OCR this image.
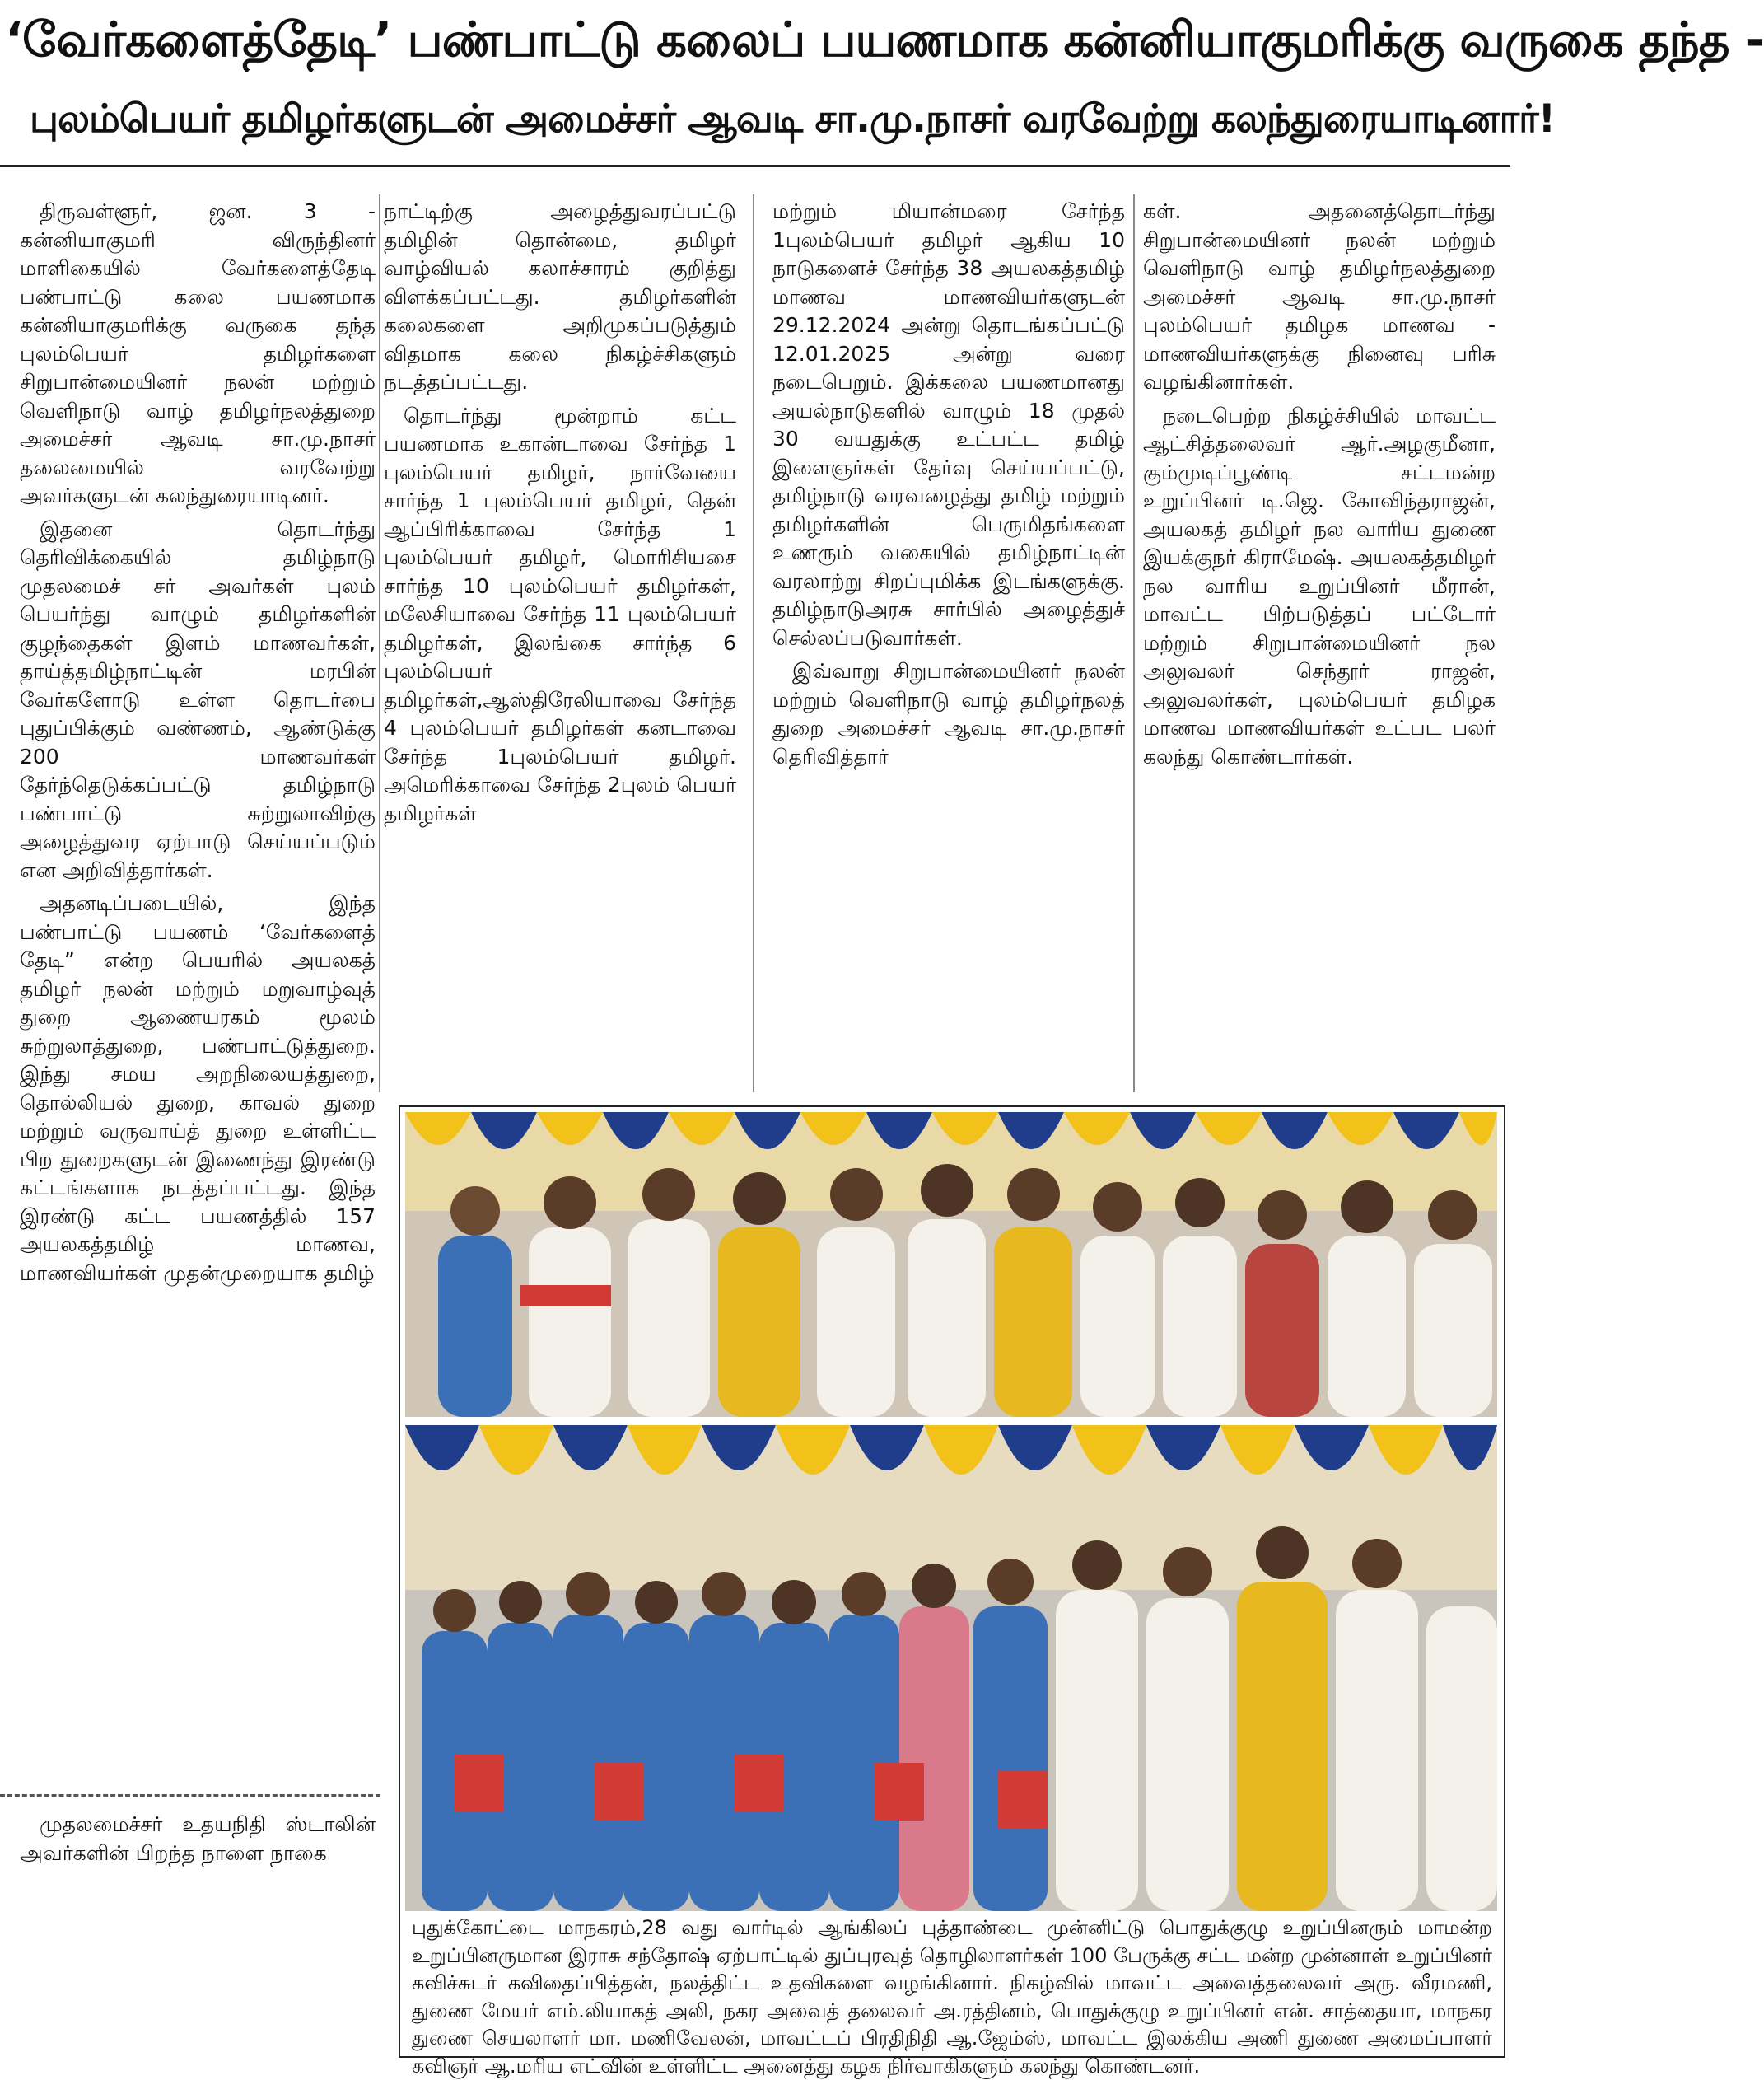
‘வேர்களைத்தேடி’ பண்பாட்டு கலைப் பயணமாக கன்னியாகுமரிக்கு வருகை தந்த -
புலம்பெயர் தமிழர்களுடன் அமைச்சர் ஆவடி சா.மு.நாசர் வரவேற்று கலந்துரையாடினார்!

திருவள்ளூர், ஜன. 3 - கன்னியாகுமரி விருந்தினர் மாளிகையில் வேர்களைத்தேடி பண்பாட்டு கலை பயணமாக கன்னியாகுமரிக்கு வருகை தந்த புலம்பெயர் தமிழர்களை சிறுபான்மையினர் நலன் மற்றும் வெளிநாடு வாழ் தமிழர்நலத்துறை அமைச்சர் ஆவடி சா.மு.நாசர் தலைமையில் வரவேற்று அவர்களுடன் கலந்துரையாடினர்.

இதனை தொடர்ந்து தெரிவிக்கையில் தமிழ்நாடு முதலமைச் சர் அவர்கள் புலம் பெயர்ந்து வாழும் தமிழர்களின் குழந்தைகள் இளம் மாணவர்கள், தாய்த்தமிழ்நாட்டின் மரபின் வேர்களோடு உள்ள தொடர்பை புதுப்பிக்கும் வண்ணம், ஆண்டுக்கு 200 மாணவர்கள் தேர்ந்தெடுக்கப்பட்டு தமிழ்நாடு பண்பாட்டு சுற்றுலாவிற்கு அழைத்துவர ஏற்பாடு செய்யப்படும் என அறிவித்தார்கள்.

அதனடிப்படையில், இந்த பண்பாட்டு பயணம் ‘வேர்களைத் தேடி” என்ற பெயரில் அயலகத் தமிழர் நலன் மற்றும் மறுவாழ்வுத் துறை ஆணையரகம் மூலம் சுற்றுலாத்துறை, பண்பாட்டுத்துறை. இந்து சமய அறநிலையத்துறை, தொல்லியல் துறை, காவல் துறை மற்றும் வருவாய்த் துறை உள்ளிட்ட பிற துறைகளுடன் இணைந்து இரண்டு கட்டங்களாக நடத்தப்பட்டது. இந்த இரண்டு கட்ட பயணத்தில் 157 அயலகத்தமிழ் மாணவ, மாணவியர்கள் முதன்முறையாக தமிழ்

நாட்டிற்கு அழைத்துவரப்பட்டு தமிழின் தொன்மை, தமிழர் வாழ்வியல் கலாச்சாரம் குறித்து விளக்கப்பட்டது. தமிழர்களின் கலைகளை அறிமுகப்படுத்தும் விதமாக கலை நிகழ்ச்சிகளும் நடத்தப்பட்டது.

தொடர்ந்து மூன்றாம் கட்ட பயணமாக உகான்டாவை சேர்ந்த 1 புலம்பெயர் தமிழர், நார்வேயை சார்ந்த 1 புலம்பெயர் தமிழர், தென் ஆப்பிரிக்காவை சேர்ந்த 1 புலம்பெயர் தமிழர், மொரிசியசை சார்ந்த 10 புலம்பெயர் தமிழர்கள், மலேசியாவை சேர்ந்த 11 புலம்பெயர் தமிழர்கள், இலங்கை சார்ந்த 6 புலம்பெயர் தமிழர்கள்,ஆஸ்திரேலியாவை சேர்ந்த 4 புலம்பெயர் தமிழர்கள் கனடாவை சேர்ந்த 1புலம்பெயர் தமிழர். அமெரிக்காவை சேர்ந்த 2புலம் பெயர் தமிழர்கள்

மற்றும் மியான்மரை சேர்ந்த 1புலம்பெயர் தமிழர் ஆகிய 10 நாடுகளைச் சேர்ந்த 38 அயலகத்தமிழ் மாணவ மாணவியர்களுடன் 29.12.2024 அன்று தொடங்கப்பட்டு 12.01.2025 அன்று வரை நடைபெறும். இக்கலை பயணமானது அயல்நாடுகளில் வாழும் 18 முதல் 30 வயதுக்கு உட்பட்ட தமிழ் இளைஞர்கள் தேர்வு செய்யப்பட்டு, தமிழ்நாடு வரவழைத்து தமிழ் மற்றும் தமிழர்களின் பெருமிதங்களை உணரும் வகையில் தமிழ்நாட்டின் வரலாற்று சிறப்புமிக்க இடங்களுக்கு. தமிழ்நாடுஅரசு சார்பில் அழைத்துச் செல்லப்படுவார்கள்.

இவ்வாறு சிறுபான்மையினர் நலன் மற்றும் வெளிநாடு வாழ் தமிழர்நலத் துறை அமைச்சர் ஆவடி சா.மு.நாசர் தெரிவித்தார்

கள். அதனைத்தொடர்ந்து சிறுபான்மையினர் நலன் மற்றும் வெளிநாடு வாழ் தமிழர்நலத்துறை அமைச்சர் ஆவடி சா.மு.நாசர் புலம்பெயர் தமிழக மாணவ - மாணவியர்களுக்கு நினைவு பரிசு வழங்கினார்கள்.

நடைபெற்ற நிகழ்ச்சியில் மாவட்ட ஆட்சித்தலைவர் ஆர்.அழகுமீனா, கும்முடிப்பூண்டி சட்டமன்ற உறுப்பினர் டி.ஜெ. கோவிந்தராஜன், அயலகத் தமிழர் நல வாரிய துணை இயக்குநர் கிராமேஷ். அயலகத்தமிழர் நல வாரிய உறுப்பினர் மீரான், மாவட்ட பிற்படுத்தப் பட்டோர் மற்றும் சிறுபான்மையினர் நல அலுவலர் செந்தூர் ராஜன், அலுவலர்கள், புலம்பெயர் தமிழக மாணவ மாணவியர்கள் உட்பட பலர் கலந்து கொண்டார்கள்.

முதலமைச்சர் உதயநிதி ஸ்டாலின் அவர்களின் பிறந்த நாளை நாகை

புதுக்கோட்டை மாநகரம்,28 வது வார்டில் ஆங்கிலப் புத்தாண்டை முன்னிட்டு பொதுக்குழு உறுப்பினரும் மாமன்ற உறுப்பினருமான இராசு சந்தோஷ் ஏற்பாட்டில் துப்புரவுத் தொழிலாளர்கள் 100 பேருக்கு சட்ட மன்ற முன்னாள் உறுப்பினர் கவிச்சுடர் கவிதைப்பித்தன், நலத்திட்ட உதவிகளை வழங்கினார். நிகழ்வில் மாவட்ட அவைத்தலைவர் அரு. வீரமணி, துணை மேயர் எம்.லியாகத் அலி, நகர அவைத் தலைவர் அ.ரத்தினம், பொதுக்குழு உறுப்பினர் என். சாத்தையா, மாநகர துணை செயலாளர் மா. மணிவேலன், மாவட்டப் பிரதிநிதி ஆ.ஜேம்ஸ், மாவட்ட இலக்கிய அணி துணை அமைப்பாளர் கவிஞர் ஆ.மரிய எட்வின் உள்ளிட்ட அனைத்து கழக நிர்வாகிகளும் கலந்து கொண்டனர்.
